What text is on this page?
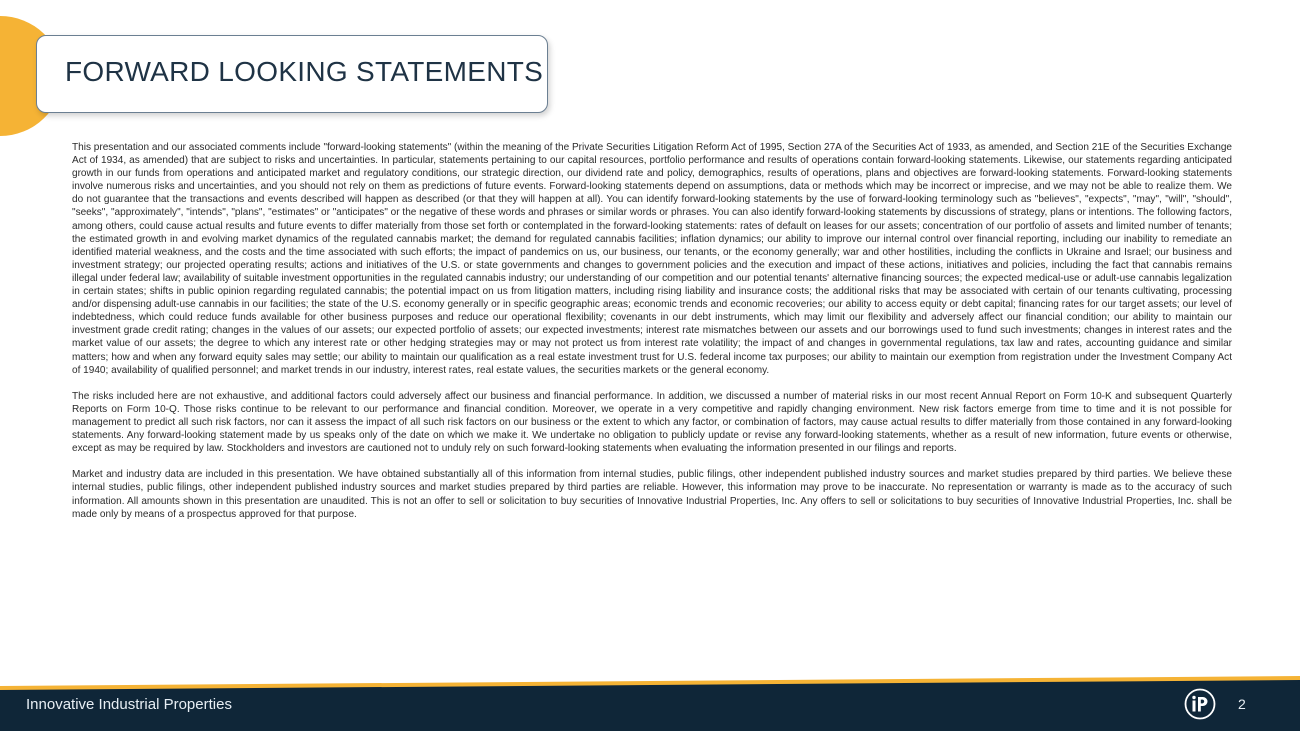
FORWARD LOOKING STATEMENTS

This presentation and our associated comments include "forward-looking statements" (within the meaning of the Private Securities Litigation Reform Act of 1995, Section 27A of the Securities Act of 1933, as amended, and Section 21E of the Securities Exchange Act of 1934, as amended) that are subject to risks and uncertainties. In particular, statements pertaining to our capital resources, portfolio performance and results of operations contain forward-looking statements. Likewise, our statements regarding anticipated growth in our funds from operations and anticipated market and regulatory conditions, our strategic direction, our dividend rate and policy, demographics, results of operations, plans and objectives are forward-looking statements. Forward-looking statements involve numerous risks and uncertainties, and you should not rely on them as predictions of future events. Forward-looking statements depend on assumptions, data or methods which may be incorrect or imprecise, and we may not be able to realize them. We do not guarantee that the transactions and events described will happen as described (or that they will happen at all). You can identify forward-looking statements by the use of forward-looking terminology such as "believes", "expects", "may", "will", "should", "seeks", "approximately", "intends", "plans", "estimates" or "anticipates" or the negative of these words and phrases or similar words or phrases. You can also identify forward-looking statements by discussions of strategy, plans or intentions. The following factors, among others, could cause actual results and future events to differ materially from those set forth or contemplated in the forward-looking statements: rates of default on leases for our assets; concentration of our portfolio of assets and limited number of tenants; the estimated growth in and evolving market dynamics of the regulated cannabis market; the demand for regulated cannabis facilities; inflation dynamics; our ability to improve our internal control over financial reporting, including our inability to remediate an identified material weakness, and the costs and the time associated with such efforts; the impact of pandemics on us, our business, our tenants, or the economy generally; war and other hostilities, including the conflicts in Ukraine and Israel; our business and investment strategy; our projected operating results; actions and initiatives of the U.S. or state governments and changes to government policies and the execution and impact of these actions, initiatives and policies, including the fact that cannabis remains illegal under federal law; availability of suitable investment opportunities in the regulated cannabis industry; our understanding of our competition and our potential tenants' alternative financing sources; the expected medical-use or adult-use cannabis legalization in certain states; shifts in public opinion regarding regulated cannabis; the potential impact on us from litigation matters, including rising liability and insurance costs; the additional risks that may be associated with certain of our tenants cultivating, processing and/or dispensing adult-use cannabis in our facilities; the state of the U.S. economy generally or in specific geographic areas; economic trends and economic recoveries; our ability to access equity or debt capital; financing rates for our target assets; our level of indebtedness, which could reduce funds available for other business purposes and reduce our operational flexibility; covenants in our debt instruments, which may limit our flexibility and adversely affect our financial condition; our ability to maintain our investment grade credit rating; changes in the values of our assets; our expected portfolio of assets; our expected investments; interest rate mismatches between our assets and our borrowings used to fund such investments; changes in interest rates and the market value of our assets; the degree to which any interest rate or other hedging strategies may or may not protect us from interest rate volatility; the impact of and changes in governmental regulations, tax law and rates, accounting guidance and similar matters; how and when any forward equity sales may settle; our ability to maintain our qualification as a real estate investment trust for U.S. federal income tax purposes; our ability to maintain our exemption from registration under the Investment Company Act of 1940; availability of qualified personnel; and market trends in our industry, interest rates, real estate values, the securities markets or the general economy.

The risks included here are not exhaustive, and additional factors could adversely affect our business and financial performance. In addition, we discussed a number of material risks in our most recent Annual Report on Form 10-K and subsequent Quarterly Reports on Form 10-Q. Those risks continue to be relevant to our performance and financial condition. Moreover, we operate in a very competitive and rapidly changing environment. New risk factors emerge from time to time and it is not possible for management to predict all such risk factors, nor can it assess the impact of all such risk factors on our business or the extent to which any factor, or combination of factors, may cause actual results to differ materially from those contained in any forward-looking statements. Any forward-looking statement made by us speaks only of the date on which we make it. We undertake no obligation to publicly update or revise any forward-looking statements, whether as a result of new information, future events or otherwise, except as may be required by law. Stockholders and investors are cautioned not to unduly rely on such forward-looking statements when evaluating the information presented in our filings and reports.

Market and industry data are included in this presentation. We have obtained substantially all of this information from internal studies, public filings, other independent published industry sources and market studies prepared by third parties. We believe these internal studies, public filings, other independent published industry sources and market studies prepared by third parties are reliable. However, this information may prove to be inaccurate. No representation or warranty is made as to the accuracy of such information. All amounts shown in this presentation are unaudited. This is not an offer to sell or solicitation to buy securities of Innovative Industrial Properties, Inc. Any offers to sell or solicitations to buy securities of Innovative Industrial Properties, Inc. shall be made only by means of a prospectus approved for that purpose.

Innovative Industrial Properties	2
